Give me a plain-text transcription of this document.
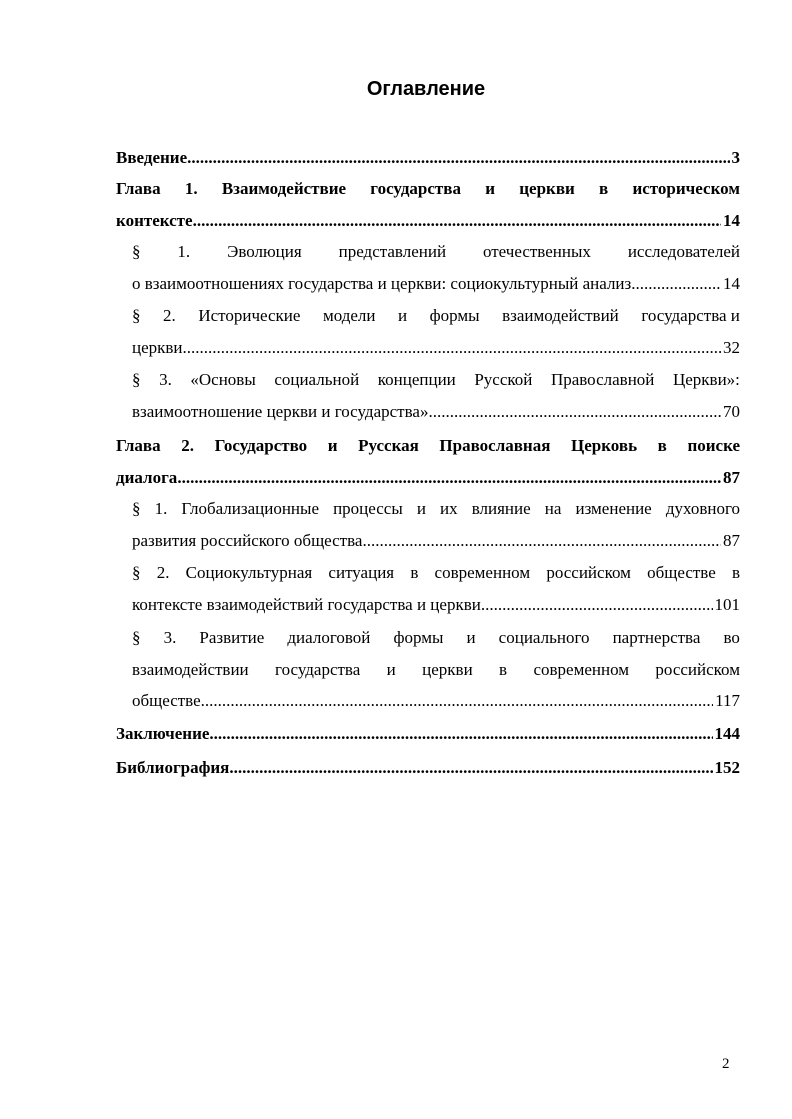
Оглавление
Введение .....	3
Глава 1. Взаимодействие государства и церкви в историческом
контексте .....	14
§ 1. Эволюция представлений отечественных исследователей
о взаимоотношениях государства и церкви: социокультурный анализ .....	14
§ 2. Исторические модели и формы взаимодействий государства и
церкви .....	32
§ 3. «Основы социальной концепции Русской Православной Церкви»:
взаимоотношение церкви и государства» .....	70
Глава 2. Государство и Русская Православная Церковь в поиске
диалога .....	87
§ 1. Глобализационные процессы и их влияние на изменение духовного
развития российского общества .....	87
§ 2. Социокультурная ситуация в современном российском обществе в
контексте взаимодействий государства и церкви .....	101
§ 3. Развитие диалоговой формы и социального партнерства во
взаимодействии государства и церкви в современном российском
обществе .....	117
Заключение .....	144
Библиография .....	152
2
